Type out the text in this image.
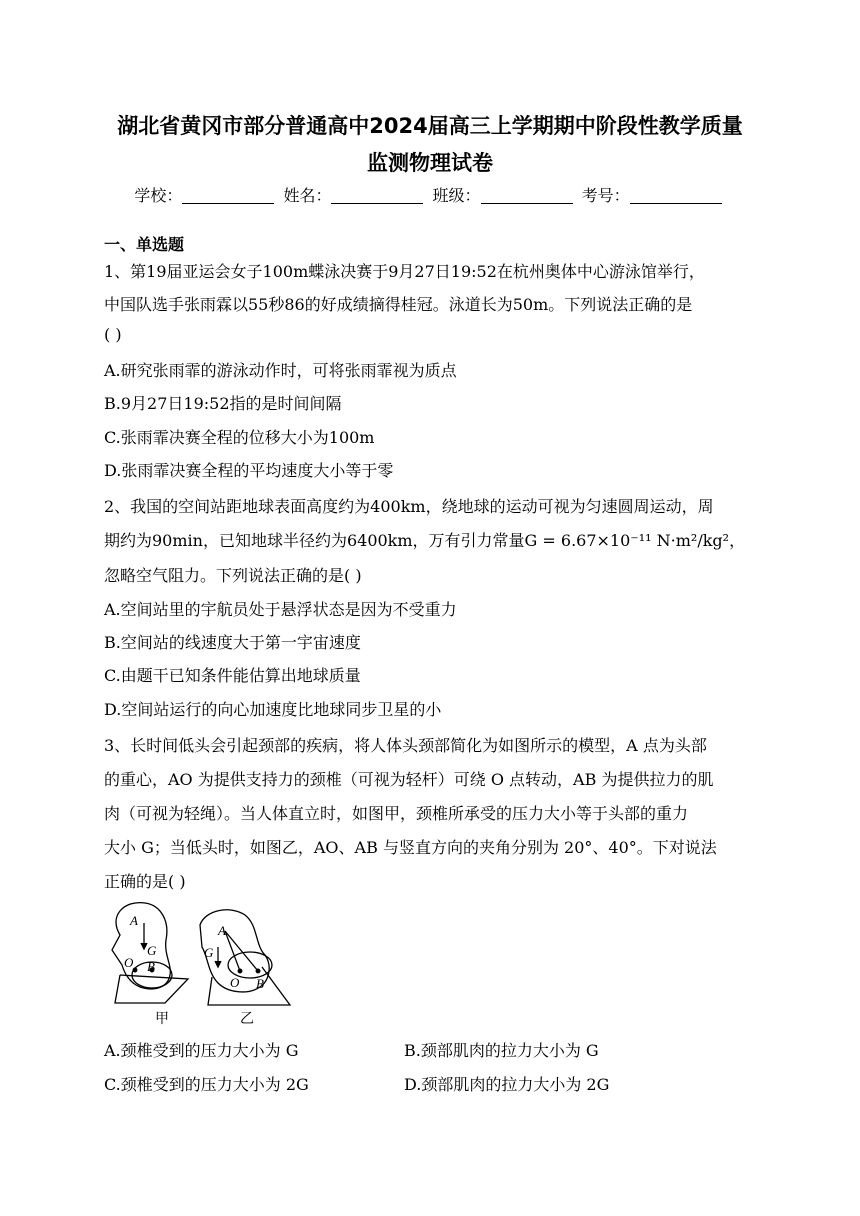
湖北省黄冈市部分普通高中2024届高三上学期期中阶段性教学质量
监测物理试卷
学校：	姓名：	班级：	考号：
一、单选题
1、第19届亚运会女子100m蝶泳决赛于9月27日19:52在杭州奥体中心游泳馆举行，
中国队选手张雨霖以55秒86的好成绩摘得桂冠。泳道长为50m。下列说法正确的是
( )
A.研究张雨霏的游泳动作时，可将张雨霏视为质点
B.9月27日19:52指的是时间间隔
C.张雨霏决赛全程的位移大小为100m
D.张雨霏决赛全程的平均速度大小等于零
2、我国的空间站距地球表面高度约为400km，绕地球的运动可视为匀速圆周运动，周
期约为90min，已知地球半径约为6400km，万有引力常量G = 6.67×10⁻¹¹ N·m²/kg²，
忽略空气阻力。下列说法正确的是( )
A.空间站里的宇航员处于悬浮状态是因为不受重力
B.空间站的线速度大于第一宇宙速度
C.由题干已知条件能估算出地球质量
D.空间站运行的向心加速度比地球同步卫星的小
3、长时间低头会引起颈部的疾病，将人体头颈部简化为如图所示的模型，A 点为头部
的重心，AO 为提供支持力的颈椎（可视为轻杆）可绕 O 点转动，AB 为提供拉力的肌
肉（可视为轻绳）。当人体直立时，如图甲，颈椎所承受的压力大小等于头部的重力
大小 G；当低头时，如图乙，AO、AB 与竖直方向的夹角分别为 20°、40°。下对说法
正确的是( )
A
G
O B
A
G
O B
甲	乙
A.颈椎受到的压力大小为 G	B.颈部肌肉的拉力大小为 G
C.颈椎受到的压力大小为 2G	D.颈部肌肉的拉力大小为 2G
